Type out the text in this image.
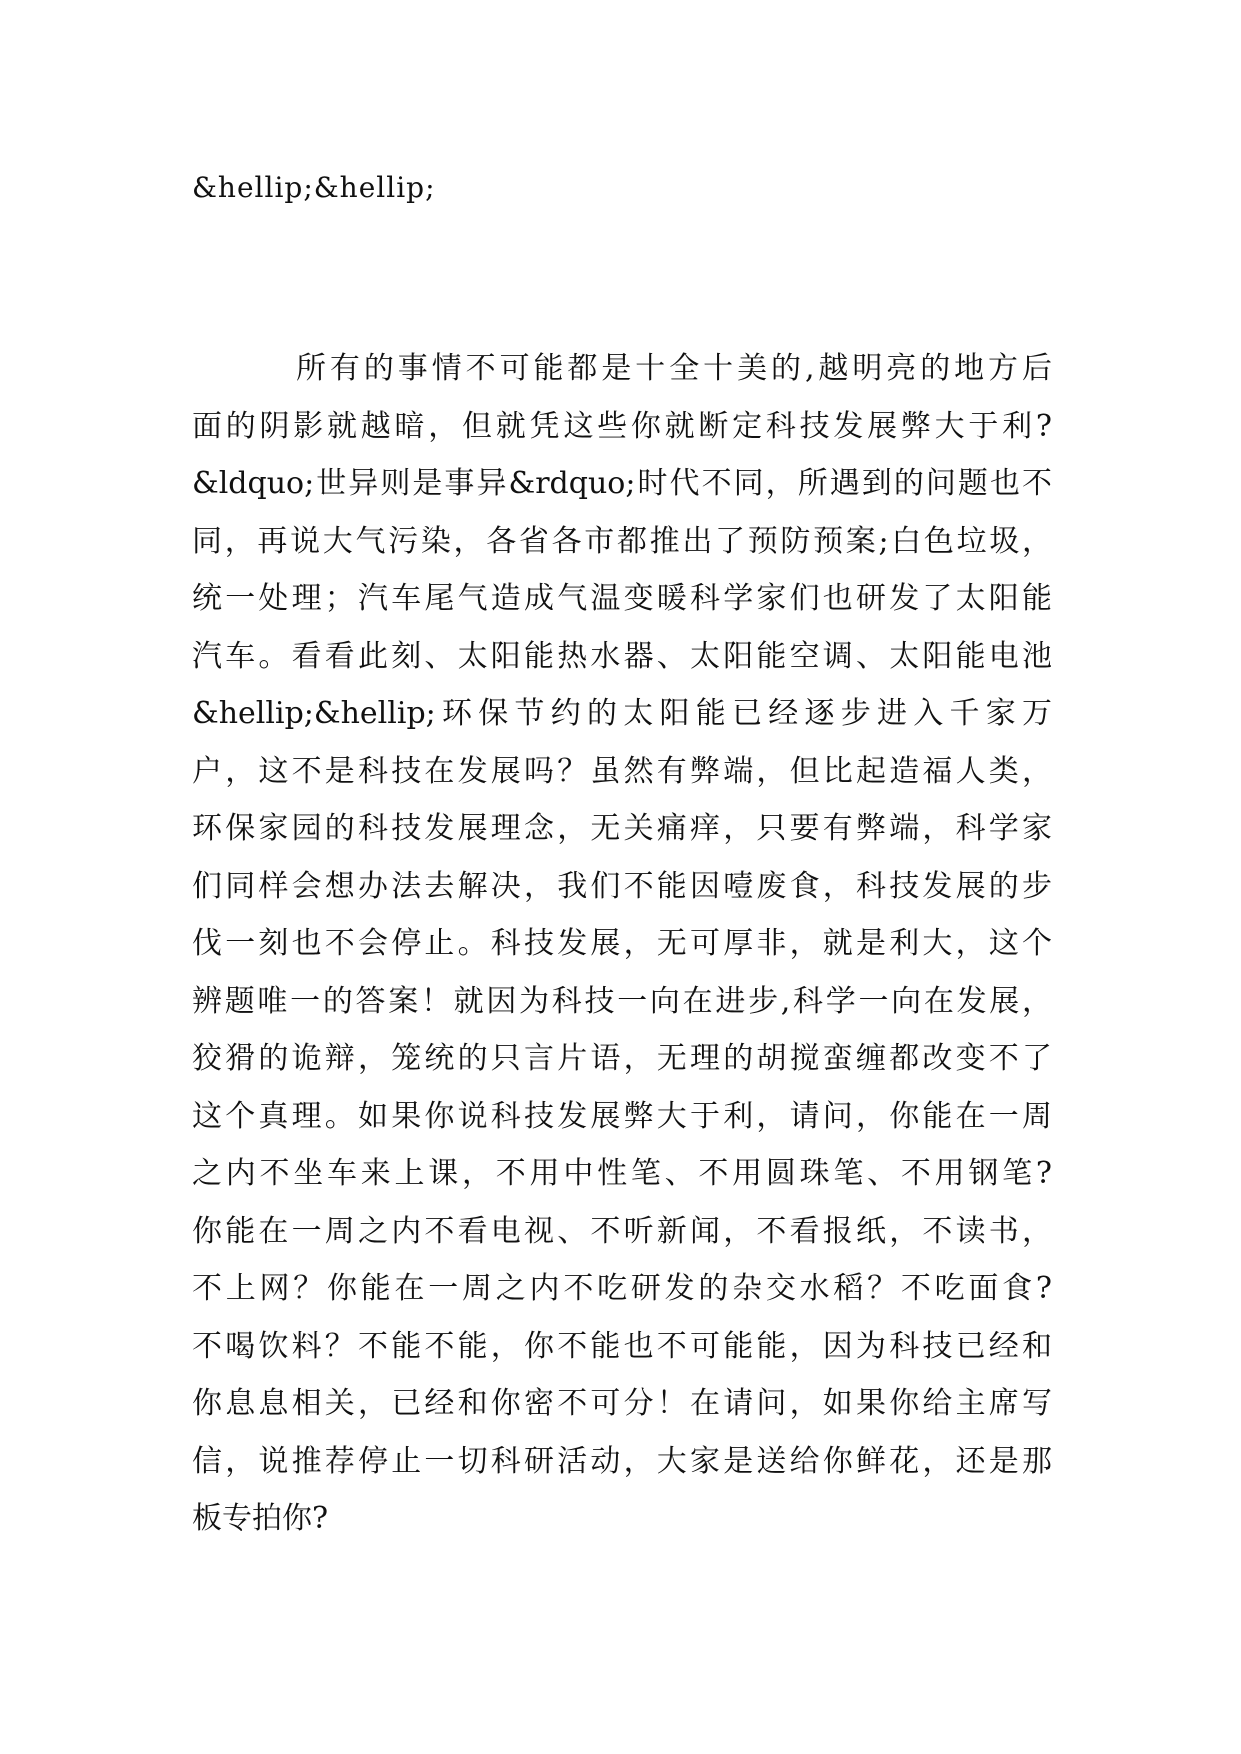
&hellip;&hellip;
所有的事情不可能都是十全十美的,越明亮的地方后
面的阴影就越暗，但就凭这些你就断定科技发展弊大于利?
&ldquo;世异则是事异&rdquo;时代不同，所遇到的问题也不
同，再说大气污染，各省各市都推出了预防预案;白色垃圾，
统一处理；汽车尾气造成气温变暖科学家们也研发了太阳能
汽车。看看此刻、太阳能热水器、太阳能空调、太阳能电池
&hellip;&hellip;环保节约的太阳能已经逐步进入千家万
户，这不是科技在发展吗？虽然有弊端，但比起造福人类，
环保家园的科技发展理念，无关痛痒，只要有弊端，科学家
们同样会想办法去解决，我们不能因噎废食，科技发展的步
伐一刻也不会停止。科技发展，无可厚非，就是利大，这个
辨题唯一的答案！就因为科技一向在进步,科学一向在发展，
狡猾的诡辩，笼统的只言片语，无理的胡搅蛮缠都改变不了
这个真理。如果你说科技发展弊大于利，请问，你能在一周
之内不坐车来上课，不用中性笔、不用圆珠笔、不用钢笔?
你能在一周之内不看电视、不听新闻，不看报纸，不读书，
不上网？你能在一周之内不吃研发的杂交水稻？不吃面食?
不喝饮料？不能不能，你不能也不可能能，因为科技已经和
你息息相关，已经和你密不可分！在请问，如果你给主席写
信，说推荐停止一切科研活动，大家是送给你鲜花，还是那
板专拍你?
